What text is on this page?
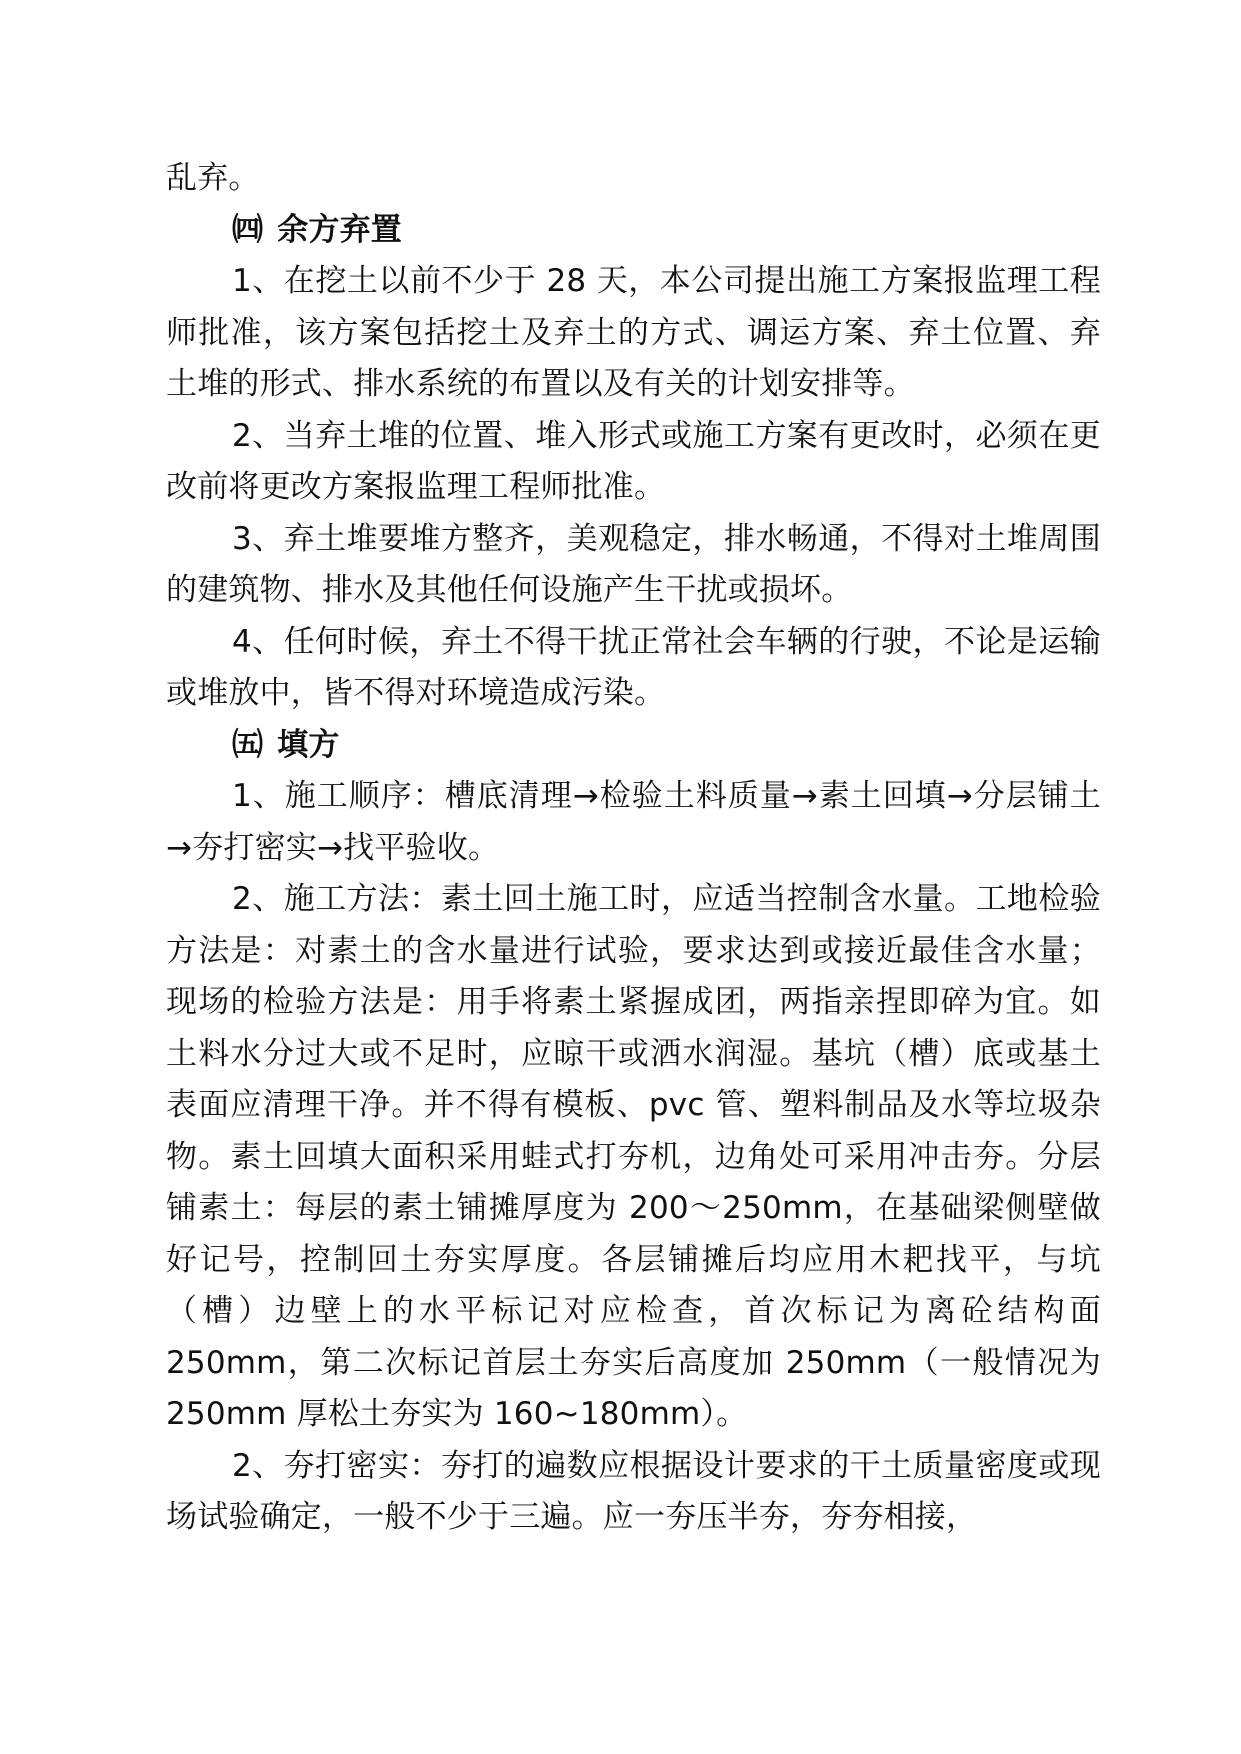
乱弃。

㈣ 余方弃置

1、在挖土以前不少于 28 天，本公司提出施工方案报监理工程师批准，该方案包括挖土及弃土的方式、调运方案、弃土位置、弃土堆的形式、排水系统的布置以及有关的计划安排等。

2、当弃土堆的位置、堆入形式或施工方案有更改时，必须在更改前将更改方案报监理工程师批准。

3、弃土堆要堆方整齐，美观稳定，排水畅通，不得对土堆周围的建筑物、排水及其他任何设施产生干扰或损坏。

4、任何时候，弃土不得干扰正常社会车辆的行驶，不论是运输或堆放中，皆不得对环境造成污染。

㈤ 填方

1、施工顺序：槽底清理→检验土料质量→素土回填→分层铺土→夯打密实→找平验收。

2、施工方法：素土回土施工时，应适当控制含水量。工地检验方法是：对素土的含水量进行试验，要求达到或接近最佳含水量；现场的检验方法是：用手将素土紧握成团，两指亲捏即碎为宜。如土料水分过大或不足时，应晾干或洒水润湿。基坑（槽）底或基土表面应清理干净。并不得有模板、pvc 管、塑料制品及水等垃圾杂物。素土回填大面积采用蛙式打夯机，边角处可采用冲击夯。分层铺素土：每层的素土铺摊厚度为 200～250mm，在基础梁侧壁做好记号，控制回土夯实厚度。各层铺摊后均应用木耙找平，与坑（槽）边壁上的水平标记对应检查，首次标记为离砼结构面 250mm，第二次标记首层土夯实后高度加 250mm（一般情况为 250mm 厚松土夯实为 160~180mm）。

2、夯打密实：夯打的遍数应根据设计要求的干土质量密度或现场试验确定，一般不少于三遍。应一夯压半夯，夯夯相接，
